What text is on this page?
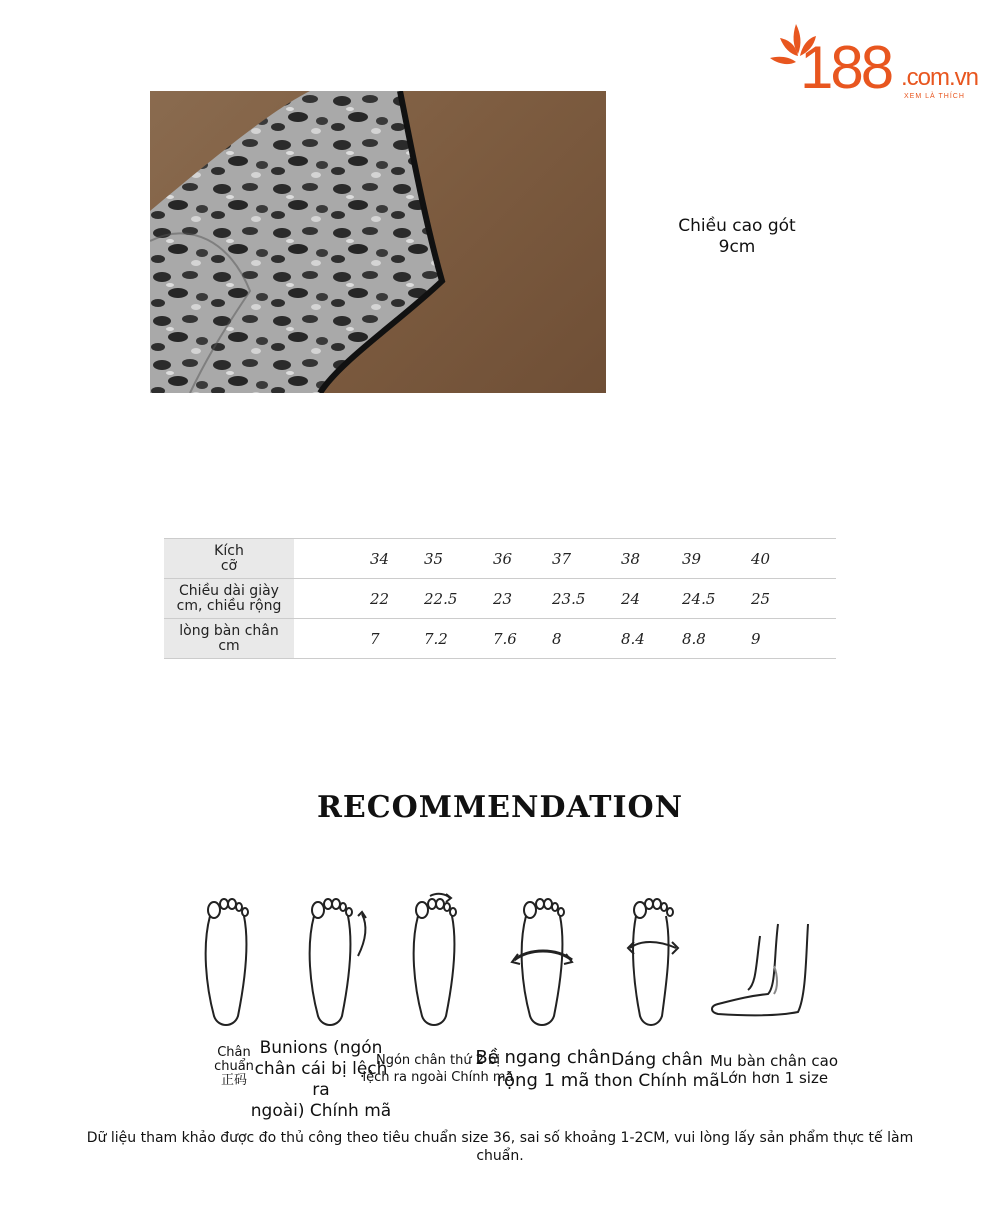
188 .com.vn
XEM LÀ THÍCH
Chiều cao gót
9cm
Kích
cỡ		34	35	36	37	38	39	40

Chiều dài giày
cm, chiều rộng		22	22.5	23	23.5	24	24.5	25

lòng bàn chân
cm		7	7.2	7.6	8	8.4	8.8	9
RECOMMENDATION
Chân
chuẩn
正码
Bunions (ngón
chân cái bị lệch ra
ngoài) Chính mã
Ngón chân thứ 2 bị
lệch ra ngoài Chính mã
Bề ngang chân
rộng 1 mã
Dáng chân
thon Chính mã
Mu bàn chân cao
Lớn hơn 1 size
Dữ liệu tham khảo được đo thủ công theo tiêu chuẩn size 36, sai số khoảng 1-2CM, vui lòng lấy sản phẩm thực tế làm chuẩn.
